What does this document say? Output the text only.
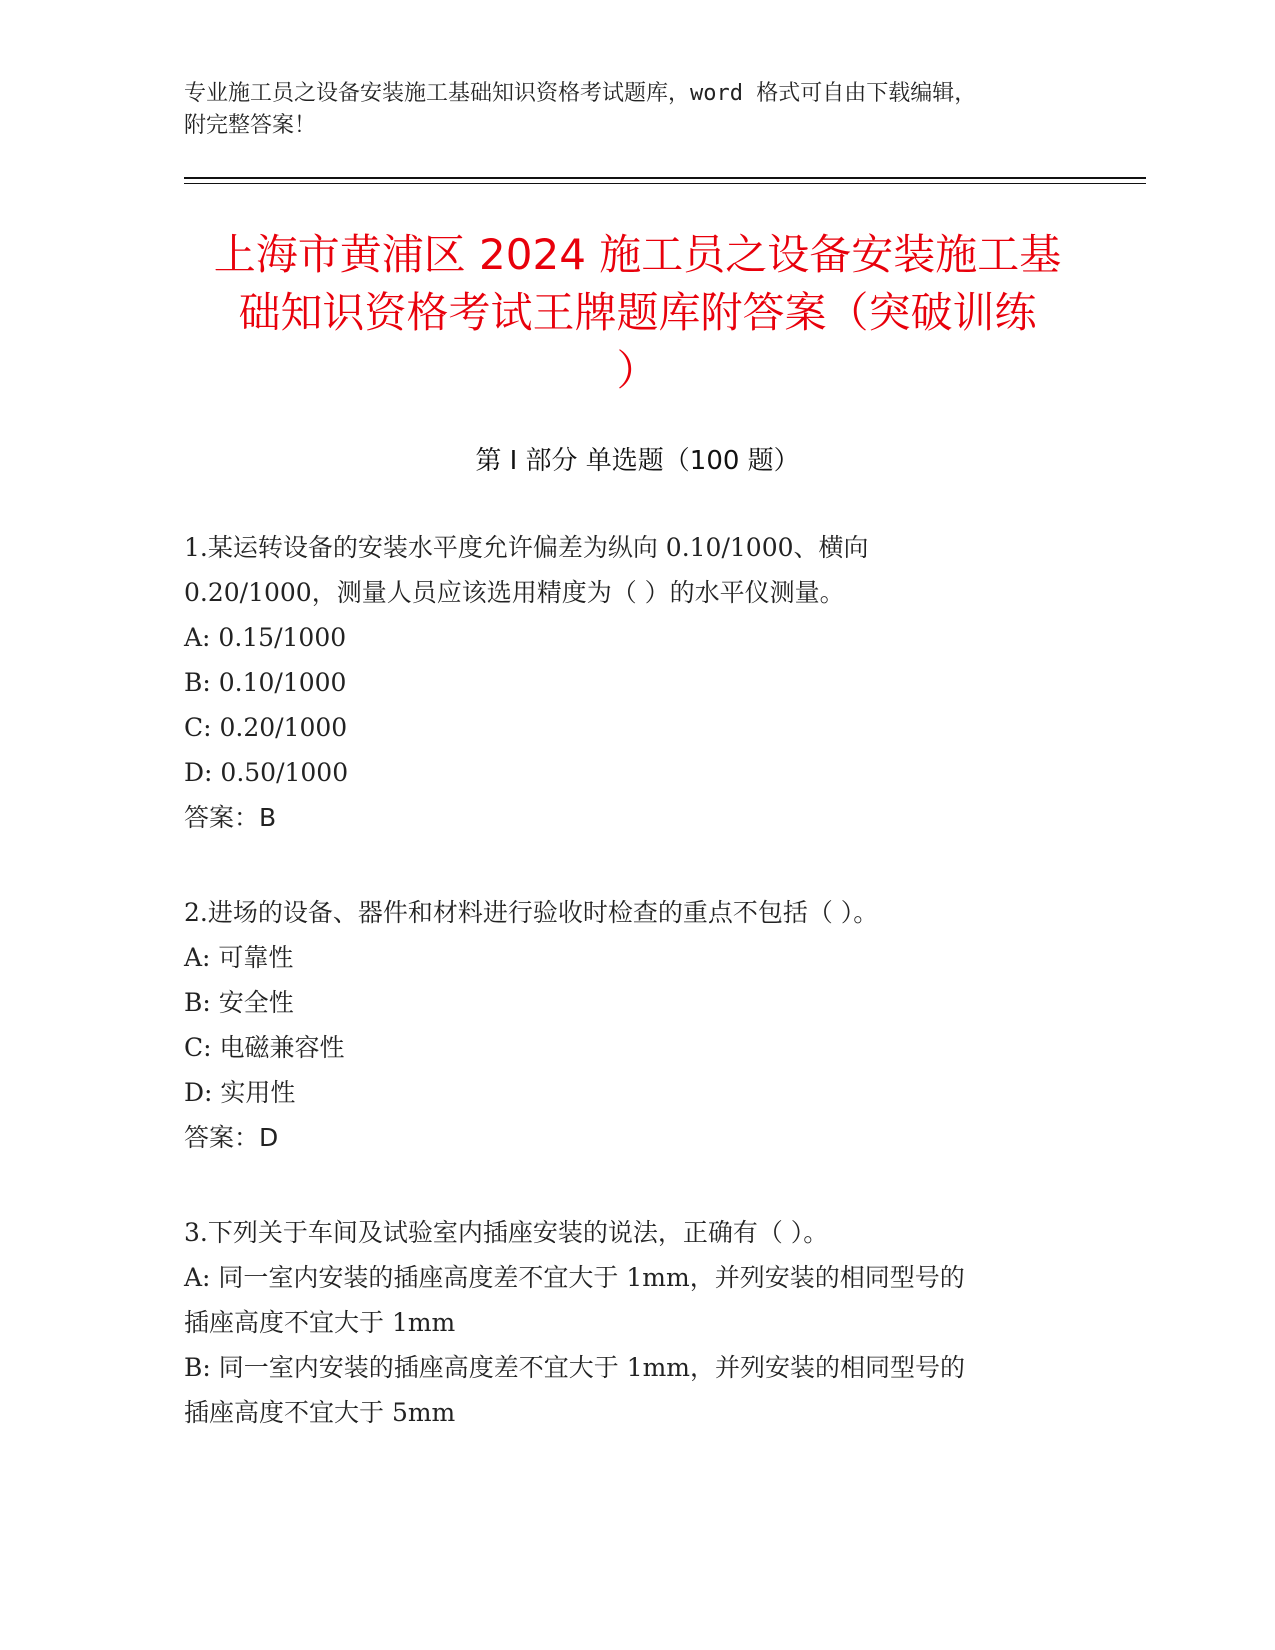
专业施工员之设备安装施工基础知识资格考试题库，word 格式可自由下载编辑，
附完整答案！
上海市黄浦区 2024 施工员之设备安装施工基
础知识资格考试王牌题库附答案（突破训练
）
第 I 部分 单选题（100 题）

1.某运转设备的安装水平度允许偏差为纵向 0.10/1000、横向

0.20/1000，测量人员应该选用精度为（ ）的水平仪测量。

A: 0.15/1000

B: 0.10/1000

C: 0.20/1000

D: 0.50/1000

答案：B

2.进场的设备、器件和材料进行验收时检查的重点不包括（ ）。

A: 可靠性

B: 安全性

C: 电磁兼容性

D: 实用性

答案：D

3.下列关于车间及试验室内插座安装的说法，正确有（ ）。

A: 同一室内安装的插座高度差不宜大于 1mm，并列安装的相同型号的

插座高度不宜大于 1mm

B: 同一室内安装的插座高度差不宜大于 1mm，并列安装的相同型号的

插座高度不宜大于 5mm
